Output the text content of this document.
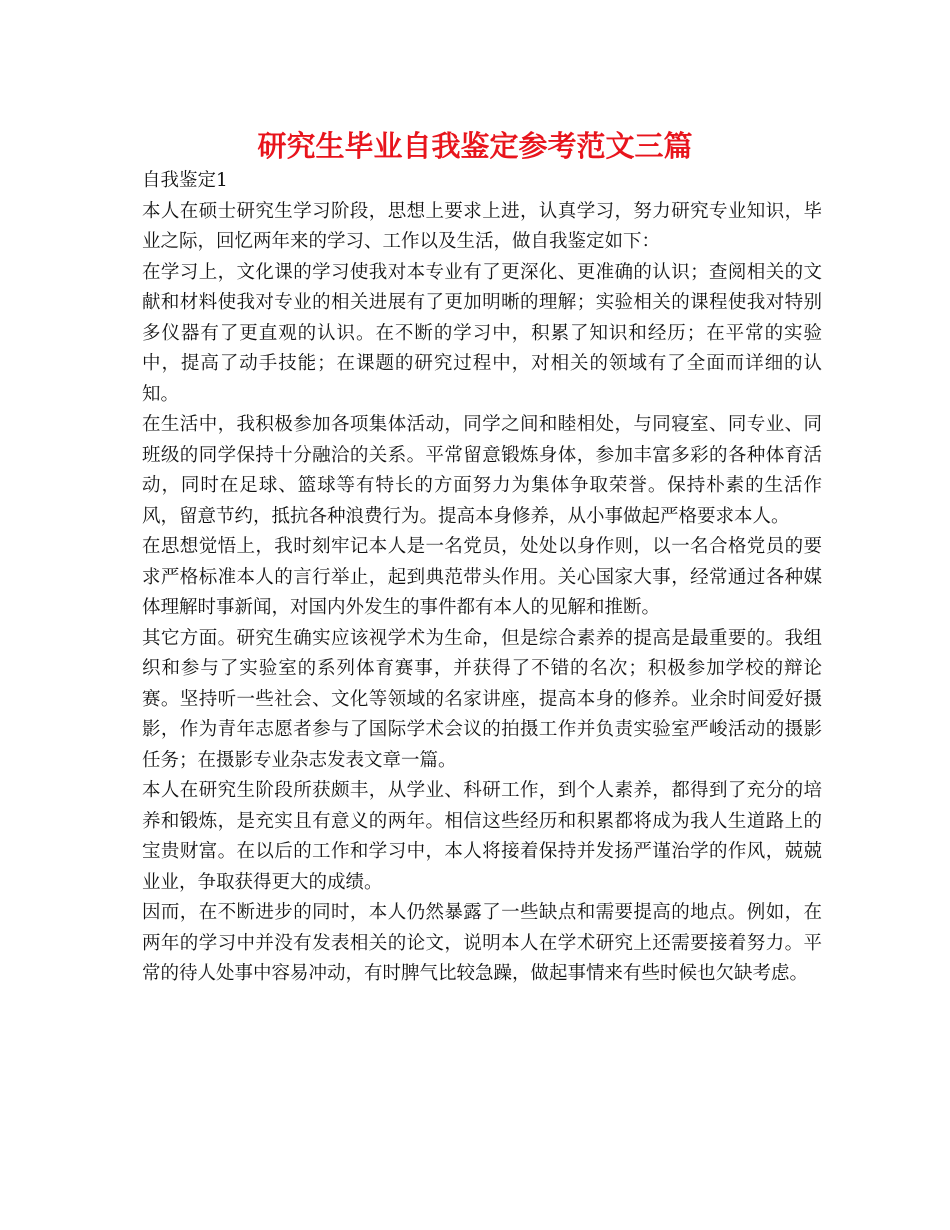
研究生毕业自我鉴定参考范文三篇

自我鉴定1

本人在硕士研究生学习阶段，思想上要求上进，认真学习，努力研究专业知识，毕业之际，回忆两年来的学习、工作以及生活，做自我鉴定如下：

在学习上，文化课的学习使我对本专业有了更深化、更准确的认识；查阅相关的文献和材料使我对专业的相关进展有了更加明晰的理解；实验相关的课程使我对特别多仪器有了更直观的认识。在不断的学习中，积累了知识和经历；在平常的实验中，提高了动手技能；在课题的研究过程中，对相关的领域有了全面而详细的认知。

在生活中，我积极参加各项集体活动，同学之间和睦相处，与同寝室、同专业、同班级的同学保持十分融洽的关系。平常留意锻炼身体，参加丰富多彩的各种体育活动，同时在足球、篮球等有特长的方面努力为集体争取荣誉。保持朴素的生活作风，留意节约，抵抗各种浪费行为。提高本身修养，从小事做起严格要求本人。

在思想觉悟上，我时刻牢记本人是一名党员，处处以身作则，以一名合格党员的要求严格标准本人的言行举止，起到典范带头作用。关心国家大事，经常通过各种媒体理解时事新闻，对国内外发生的事件都有本人的见解和推断。

其它方面。研究生确实应该视学术为生命，但是综合素养的提高是最重要的。我组织和参与了实验室的系列体育赛事，并获得了不错的名次；积极参加学校的辩论赛。坚持听一些社会、文化等领域的名家讲座，提高本身的修养。业余时间爱好摄影，作为青年志愿者参与了国际学术会议的拍摄工作并负责实验室严峻活动的摄影任务；在摄影专业杂志发表文章一篇。

本人在研究生阶段所获颇丰，从学业、科研工作，到个人素养，都得到了充分的培养和锻炼，是充实且有意义的两年。相信这些经历和积累都将成为我人生道路上的宝贵财富。在以后的工作和学习中，本人将接着保持并发扬严谨治学的作风，兢兢业业，争取获得更大的成绩。

因而，在不断进步的同时，本人仍然暴露了一些缺点和需要提高的地点。例如，在两年的学习中并没有发表相关的论文，说明本人在学术研究上还需要接着努力。平常的待人处事中容易冲动，有时脾气比较急躁，做起事情来有些时候也欠缺考虑。
